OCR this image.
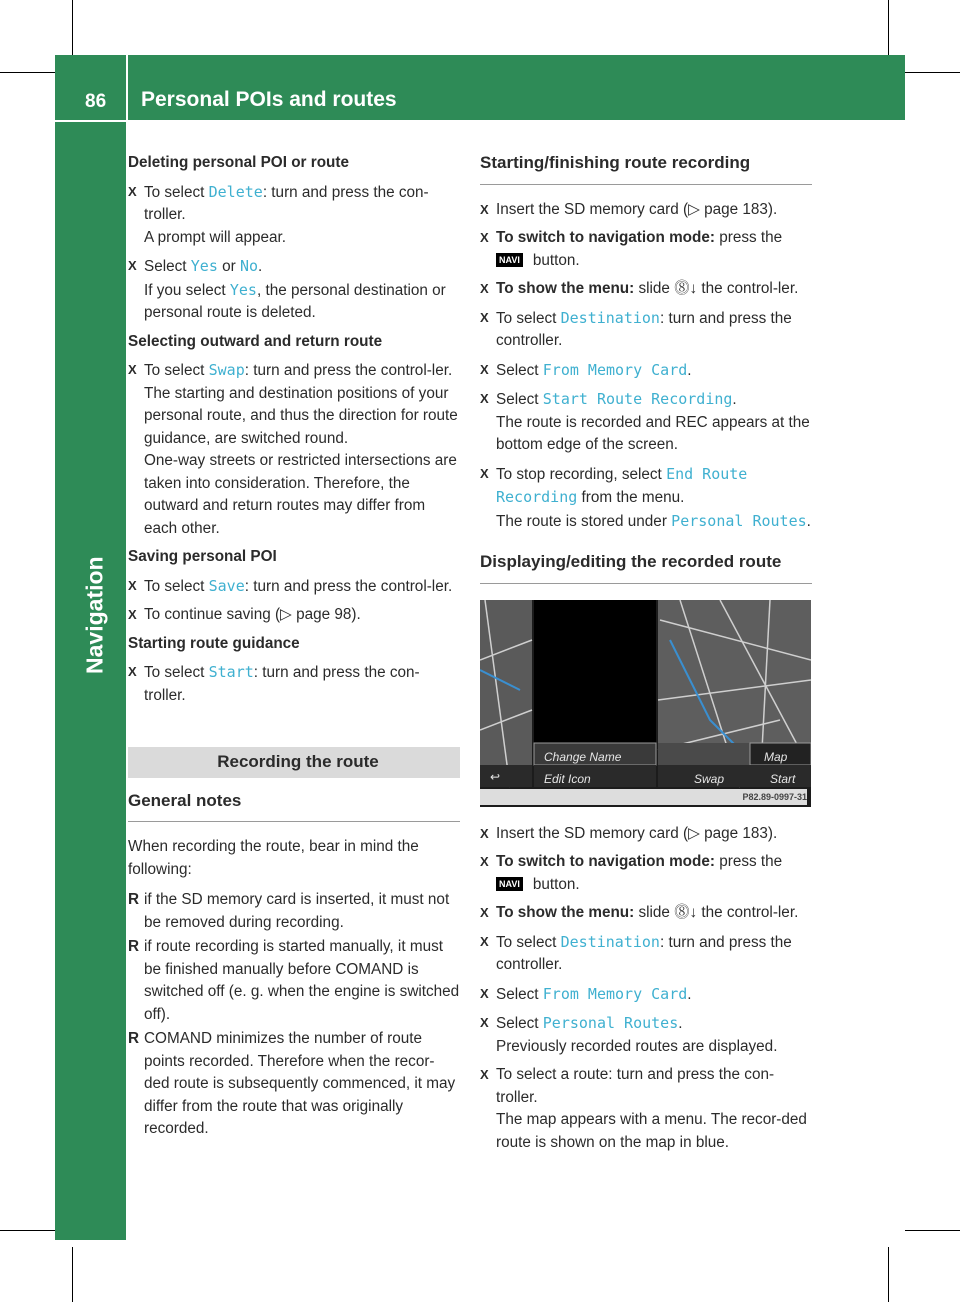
86 Personal POIs and routes
Navigation
Deleting personal POI or route
X To select Delete: turn and press the con-troller.
A prompt will appear.
X Select Yes or No.
If you select Yes, the personal destination or personal route is deleted.
Selecting outward and return route
X To select Swap: turn and press the control-ler.
The starting and destination positions of your personal route, and thus the direction for route guidance, are switched round.
One-way streets or restricted intersections are taken into consideration. Therefore, the outward and return routes may differ from each other.
Saving personal POI
X To select Save: turn and press the control-ler.
X To continue saving (▷ page 98).
Starting route guidance
X To select Start: turn and press the con-troller.
Recording the route
General notes
When recording the route, bear in mind the following:
R if the SD memory card is inserted, it must not be removed during recording.
R if route recording is started manually, it must be finished manually before COMAND is switched off (e. g. when the engine is switched off).
R COMAND minimizes the number of route points recorded. Therefore when the recor-ded route is subsequently commenced, it may differ from the route that was originally recorded.
Starting/finishing route recording
X Insert the SD memory card (▷ page 183).
X To switch to navigation mode: press the
NAVI button.
X To show the menu: slide ⓼↓ the control-ler.
X To select Destination: turn and press the controller.
X Select From Memory Card.
X Select Start Route Recording.
The route is recorded and REC appears at the bottom edge of the screen.
X To stop recording, select End Route Recording from the menu.
The route is stored under Personal Routes.
Displaying/editing the recorded route
Change Name
Edit Icon
Map
Swap	Start
↩
P82.89-0997-31
X Insert the SD memory card (▷ page 183).
X To switch to navigation mode: press the
NAVI button.
X To show the menu: slide ⓼↓ the control-ler.
X To select Destination: turn and press the controller.
X Select From Memory Card.
X Select Personal Routes.
Previously recorded routes are displayed.
X To select a route: turn and press the con-troller.
The map appears with a menu. The recor-ded route is shown on the map in blue.
